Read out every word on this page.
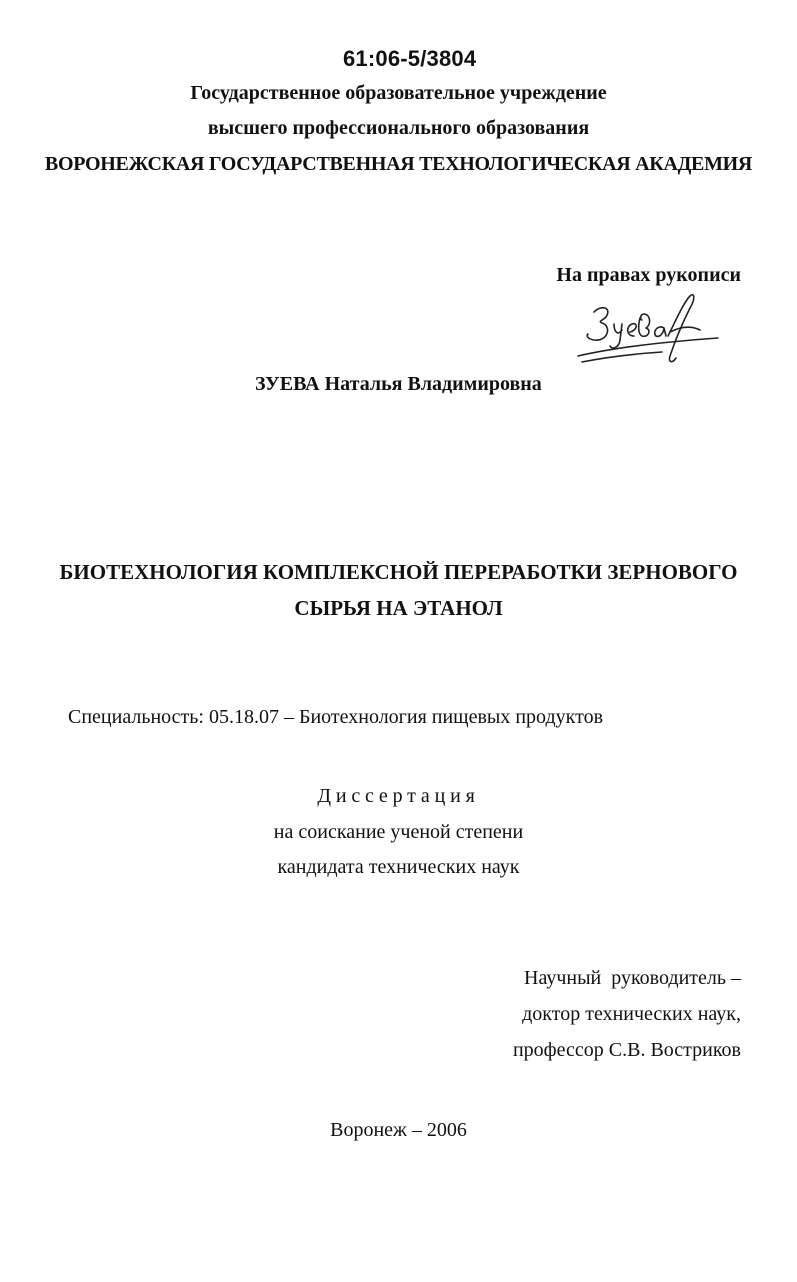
61:06-5/3804
Государственное образовательное учреждение
высшего профессионального образования
ВОРОНЕЖСКАЯ ГОСУДАРСТВЕННАЯ ТЕХНОЛОГИЧЕСКАЯ АКАДЕМИЯ
На правах рукописи
ЗУЕВА Наталья Владимировна
БИОТЕХНОЛОГИЯ КОМПЛЕКСНОЙ ПЕРЕРАБОТКИ ЗЕРНОВОГО
СЫРЬЯ НА ЭТАНОЛ
Специальность: 05.18.07 – Биотехнология пищевых продуктов
Диссертация
на соискание ученой степени
кандидата технических наук
Научный  руководитель –
доктор технических наук,
профессор С.В. Востриков
Воронеж – 2006
